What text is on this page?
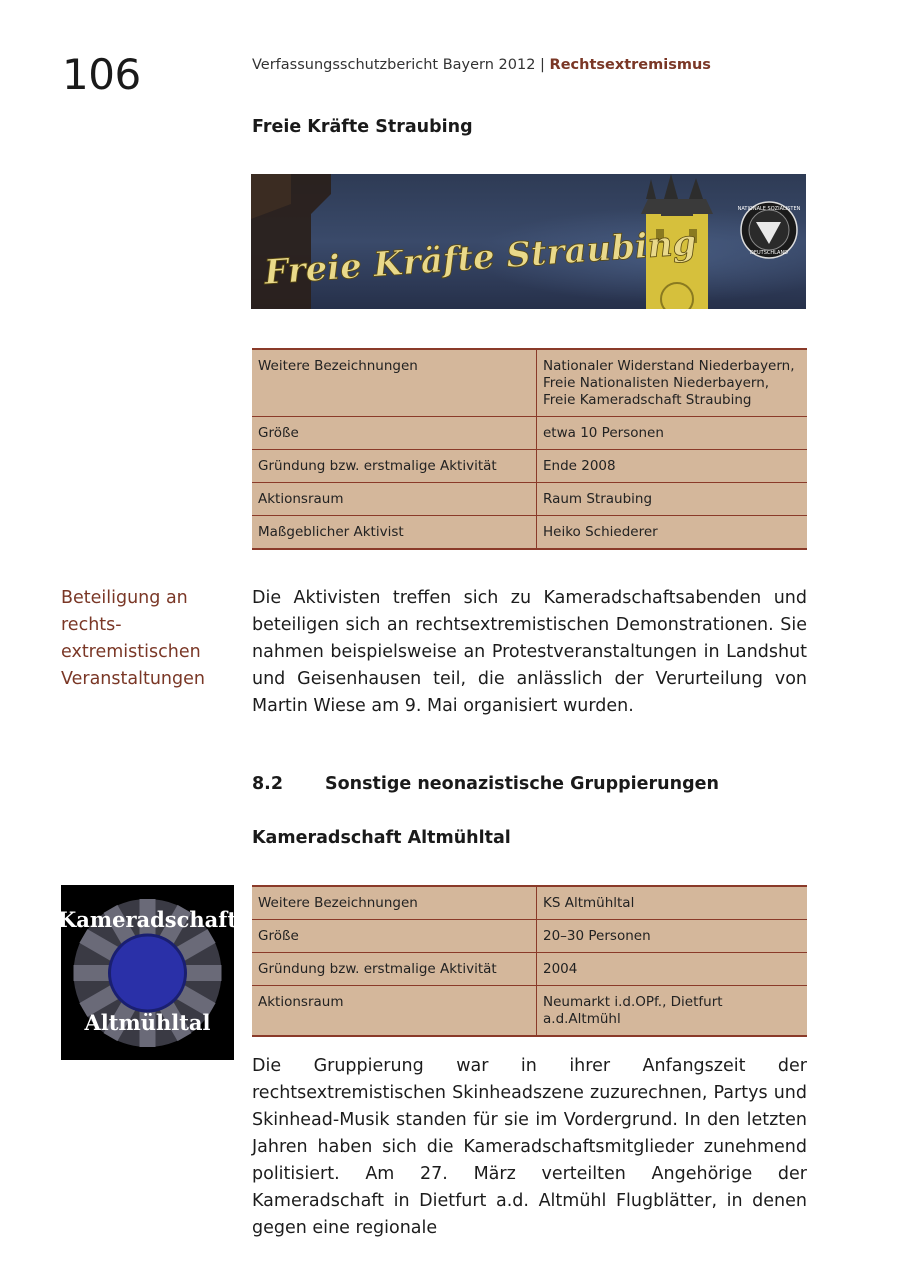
106	Verfassungsschutzbericht Bayern 2012 | Rechtsextremismus
Freie Kräfte Straubing
NATIONALE SOZIALISTEN
DEUTSCHLAND
Freie Kräfte Straubing
Weitere Bezeichnungen	Nationaler Widerstand Niederbayern,
Freie Nationalisten Niederbayern,
Freie Kameradschaft Straubing
Größe	etwa 10 Personen
Gründung bzw. erstmalige Aktivität	Ende 2008
Aktionsraum	Raum Straubing
Maßgeblicher Aktivist	Heiko Schiederer
Beteiligung an rechts- extremistischen Veranstaltungen
Die Aktivisten treffen sich zu Kameradschaftsabenden und beteiligen sich an rechtsextremistischen Demonstrationen. Sie nahmen beispielsweise an Protestveranstaltungen in Landshut und Geisenhausen teil, die anlässlich der Verurteilung von Martin Wiese am 9. Mai organisiert wurden.
8.2 Sonstige neonazistische Gruppierungen
Kameradschaft Altmühltal
Kameradschaft
Altmühltal
Weitere Bezeichnungen	KS Altmühltal
Größe	20–30 Personen
Gründung bzw. erstmalige Aktivität	2004
Aktionsraum	Neumarkt i.d.OPf., Dietfurt a.d.Altmühl
Die Gruppierung war in ihrer Anfangszeit der rechtsextremistischen Skinheadszene zuzurechnen, Partys und Skinhead-Musik standen für sie im Vordergrund. In den letzten Jahren haben sich die Kameradschaftsmitglieder zunehmend politisiert. Am 27. März verteilten Angehörige der Kameradschaft in Dietfurt a.d. Altmühl Flugblätter, in denen gegen eine regionale
